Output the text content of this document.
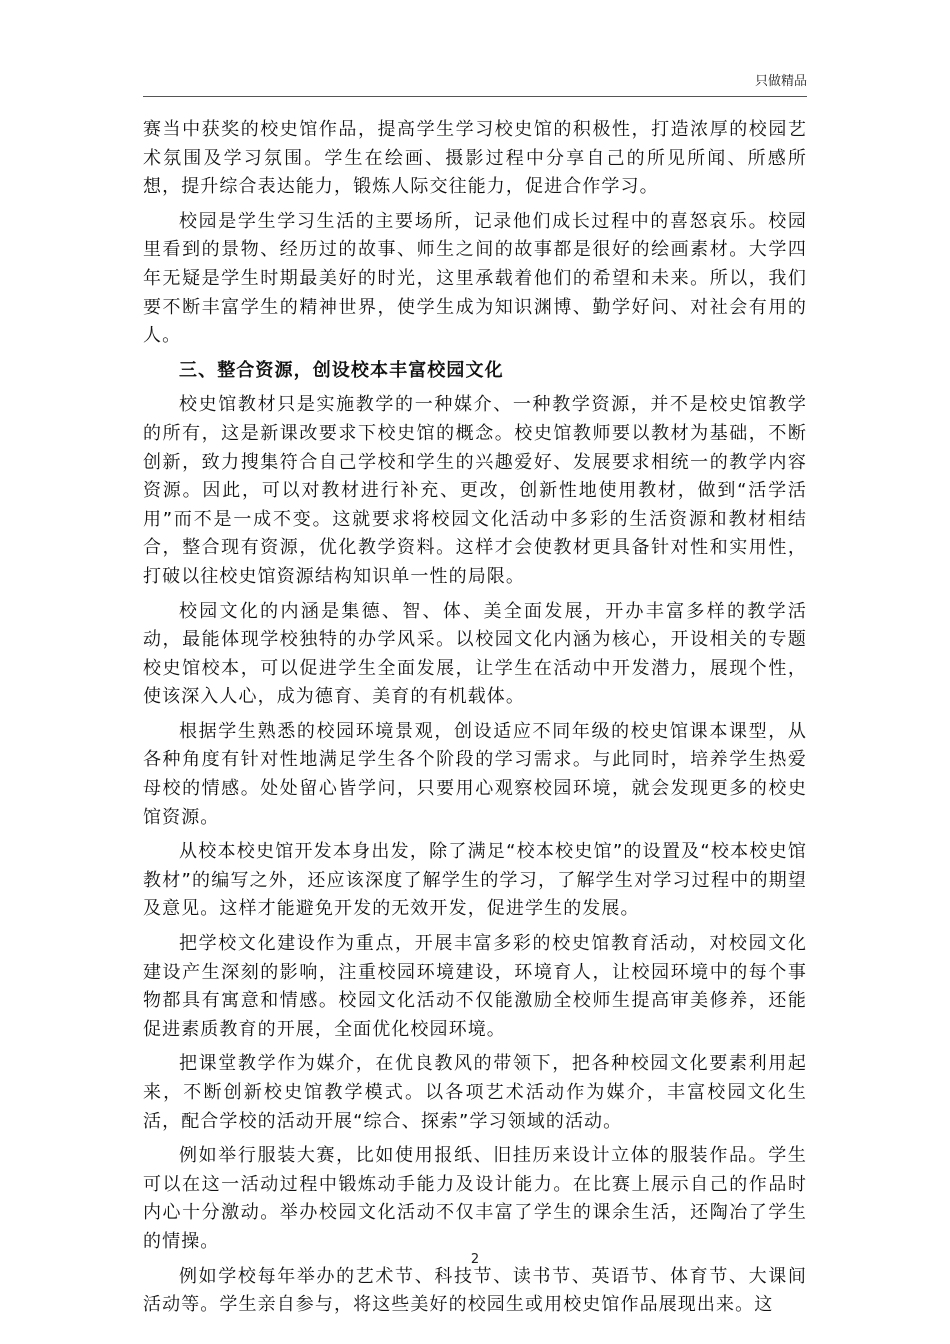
只做精品

赛当中获奖的校史馆作品，提高学生学习校史馆的积极性，打造浓厚的校园艺术氛围及学习氛围。学生在绘画、摄影过程中分享自己的所见所闻、所感所想，提升综合表达能力，锻炼人际交往能力，促进合作学习。

校园是学生学习生活的主要场所，记录他们成长过程中的喜怒哀乐。校园里看到的景物、经历过的故事、师生之间的故事都是很好的绘画素材。大学四年无疑是学生时期最美好的时光，这里承载着他们的希望和未来。所以，我们要不断丰富学生的精神世界，使学生成为知识渊博、勤学好问、对社会有用的人。

三、整合资源，创设校本丰富校园文化

校史馆教材只是实施教学的一种媒介、一种教学资源，并不是校史馆教学的所有，这是新课改要求下校史馆的概念。校史馆教师要以教材为基础，不断创新，致力搜集符合自己学校和学生的兴趣爱好、发展要求相统一的教学内容资源。因此，可以对教材进行补充、更改，创新性地使用教材，做到“活学活用”而不是一成不变。这就要求将校园文化活动中多彩的生活资源和教材相结合，整合现有资源，优化教学资料。这样才会使教材更具备针对性和实用性，打破以往校史馆资源结构知识单一性的局限。

校园文化的内涵是集德、智、体、美全面发展，开办丰富多样的教学活动，最能体现学校独特的办学风采。以校园文化内涵为核心，开设相关的专题校史馆校本，可以促进学生全面发展，让学生在活动中开发潜力，展现个性，使该深入人心，成为德育、美育的有机载体。

根据学生熟悉的校园环境景观，创设适应不同年级的校史馆课本课型，从各种角度有针对性地满足学生各个阶段的学习需求。与此同时，培养学生热爱母校的情感。处处留心皆学问，只要用心观察校园环境，就会发现更多的校史馆资源。

从校本校史馆开发本身出发，除了满足“校本校史馆”的设置及“校本校史馆教材”的编写之外，还应该深度了解学生的学习，了解学生对学习过程中的期望及意见。这样才能避免开发的无效开发，促进学生的发展。

把学校文化建设作为重点，开展丰富多彩的校史馆教育活动，对校园文化建设产生深刻的影响，注重校园环境建设，环境育人，让校园环境中的每个事物都具有寓意和情感。校园文化活动不仅能激励全校师生提高审美修养，还能促进素质教育的开展，全面优化校园环境。

把课堂教学作为媒介，在优良教风的带领下，把各种校园文化要素利用起来，不断创新校史馆教学模式。以各项艺术活动作为媒介，丰富校园文化生活，配合学校的活动开展“综合、探索”学习领域的活动。

例如举行服装大赛，比如使用报纸、旧挂历来设计立体的服装作品。学生可以在这一活动过程中锻炼动手能力及设计能力。在比赛上展示自己的作品时内心十分激动。举办校园文化活动不仅丰富了学生的课余生活，还陶冶了学生的情操。

例如学校每年举办的艺术节、科技节、读书节、英语节、体育节、大课间活动等。学生亲自参与，将这些美好的校园生或用校史馆作品展现出来。这

2
